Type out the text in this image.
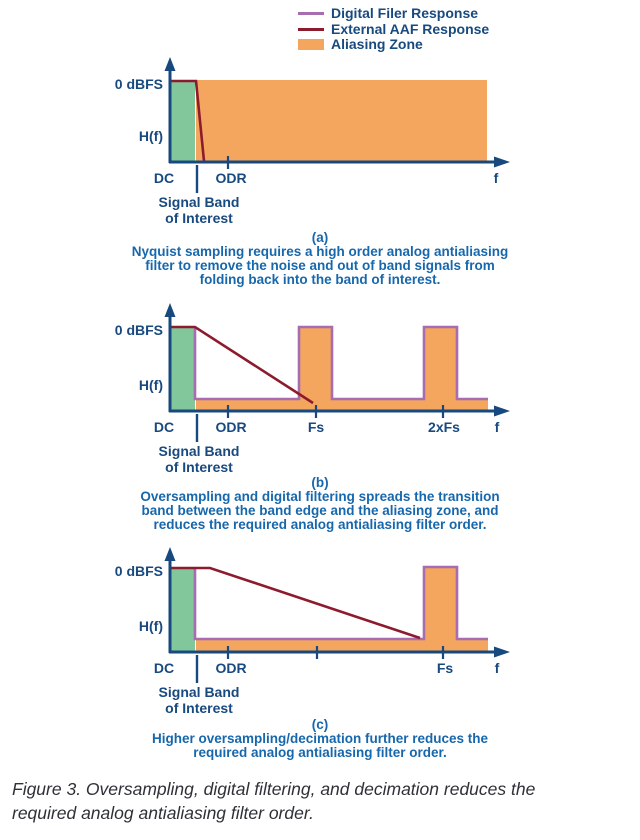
0 dBFS
H(f)
DC	ODR	f
Signal Band
of Interest
0 dBFS
H(f)
DC	ODR	Fs	2xFs f
Signal Band
of Interest
0 dBFS
H(f)
DC	ODR	Fs	f
Signal Band
of Interest
Digital Filer Response
External AAF Response
Aliasing Zone
(a)
Nyquist sampling requires a high order analog antialiasing
filter to remove the noise and out of band signals from
folding back into the band of interest.
(b)
Oversampling and digital filtering spreads the transition
band between the band edge and the aliasing zone, and
reduces the required analog antialiasing filter order.
(c)
Higher oversampling/decimation further reduces the
required analog antialiasing filter order.
Figure 3. Oversampling, digital filtering, and decimation reduces the
required analog antialiasing filter order.
